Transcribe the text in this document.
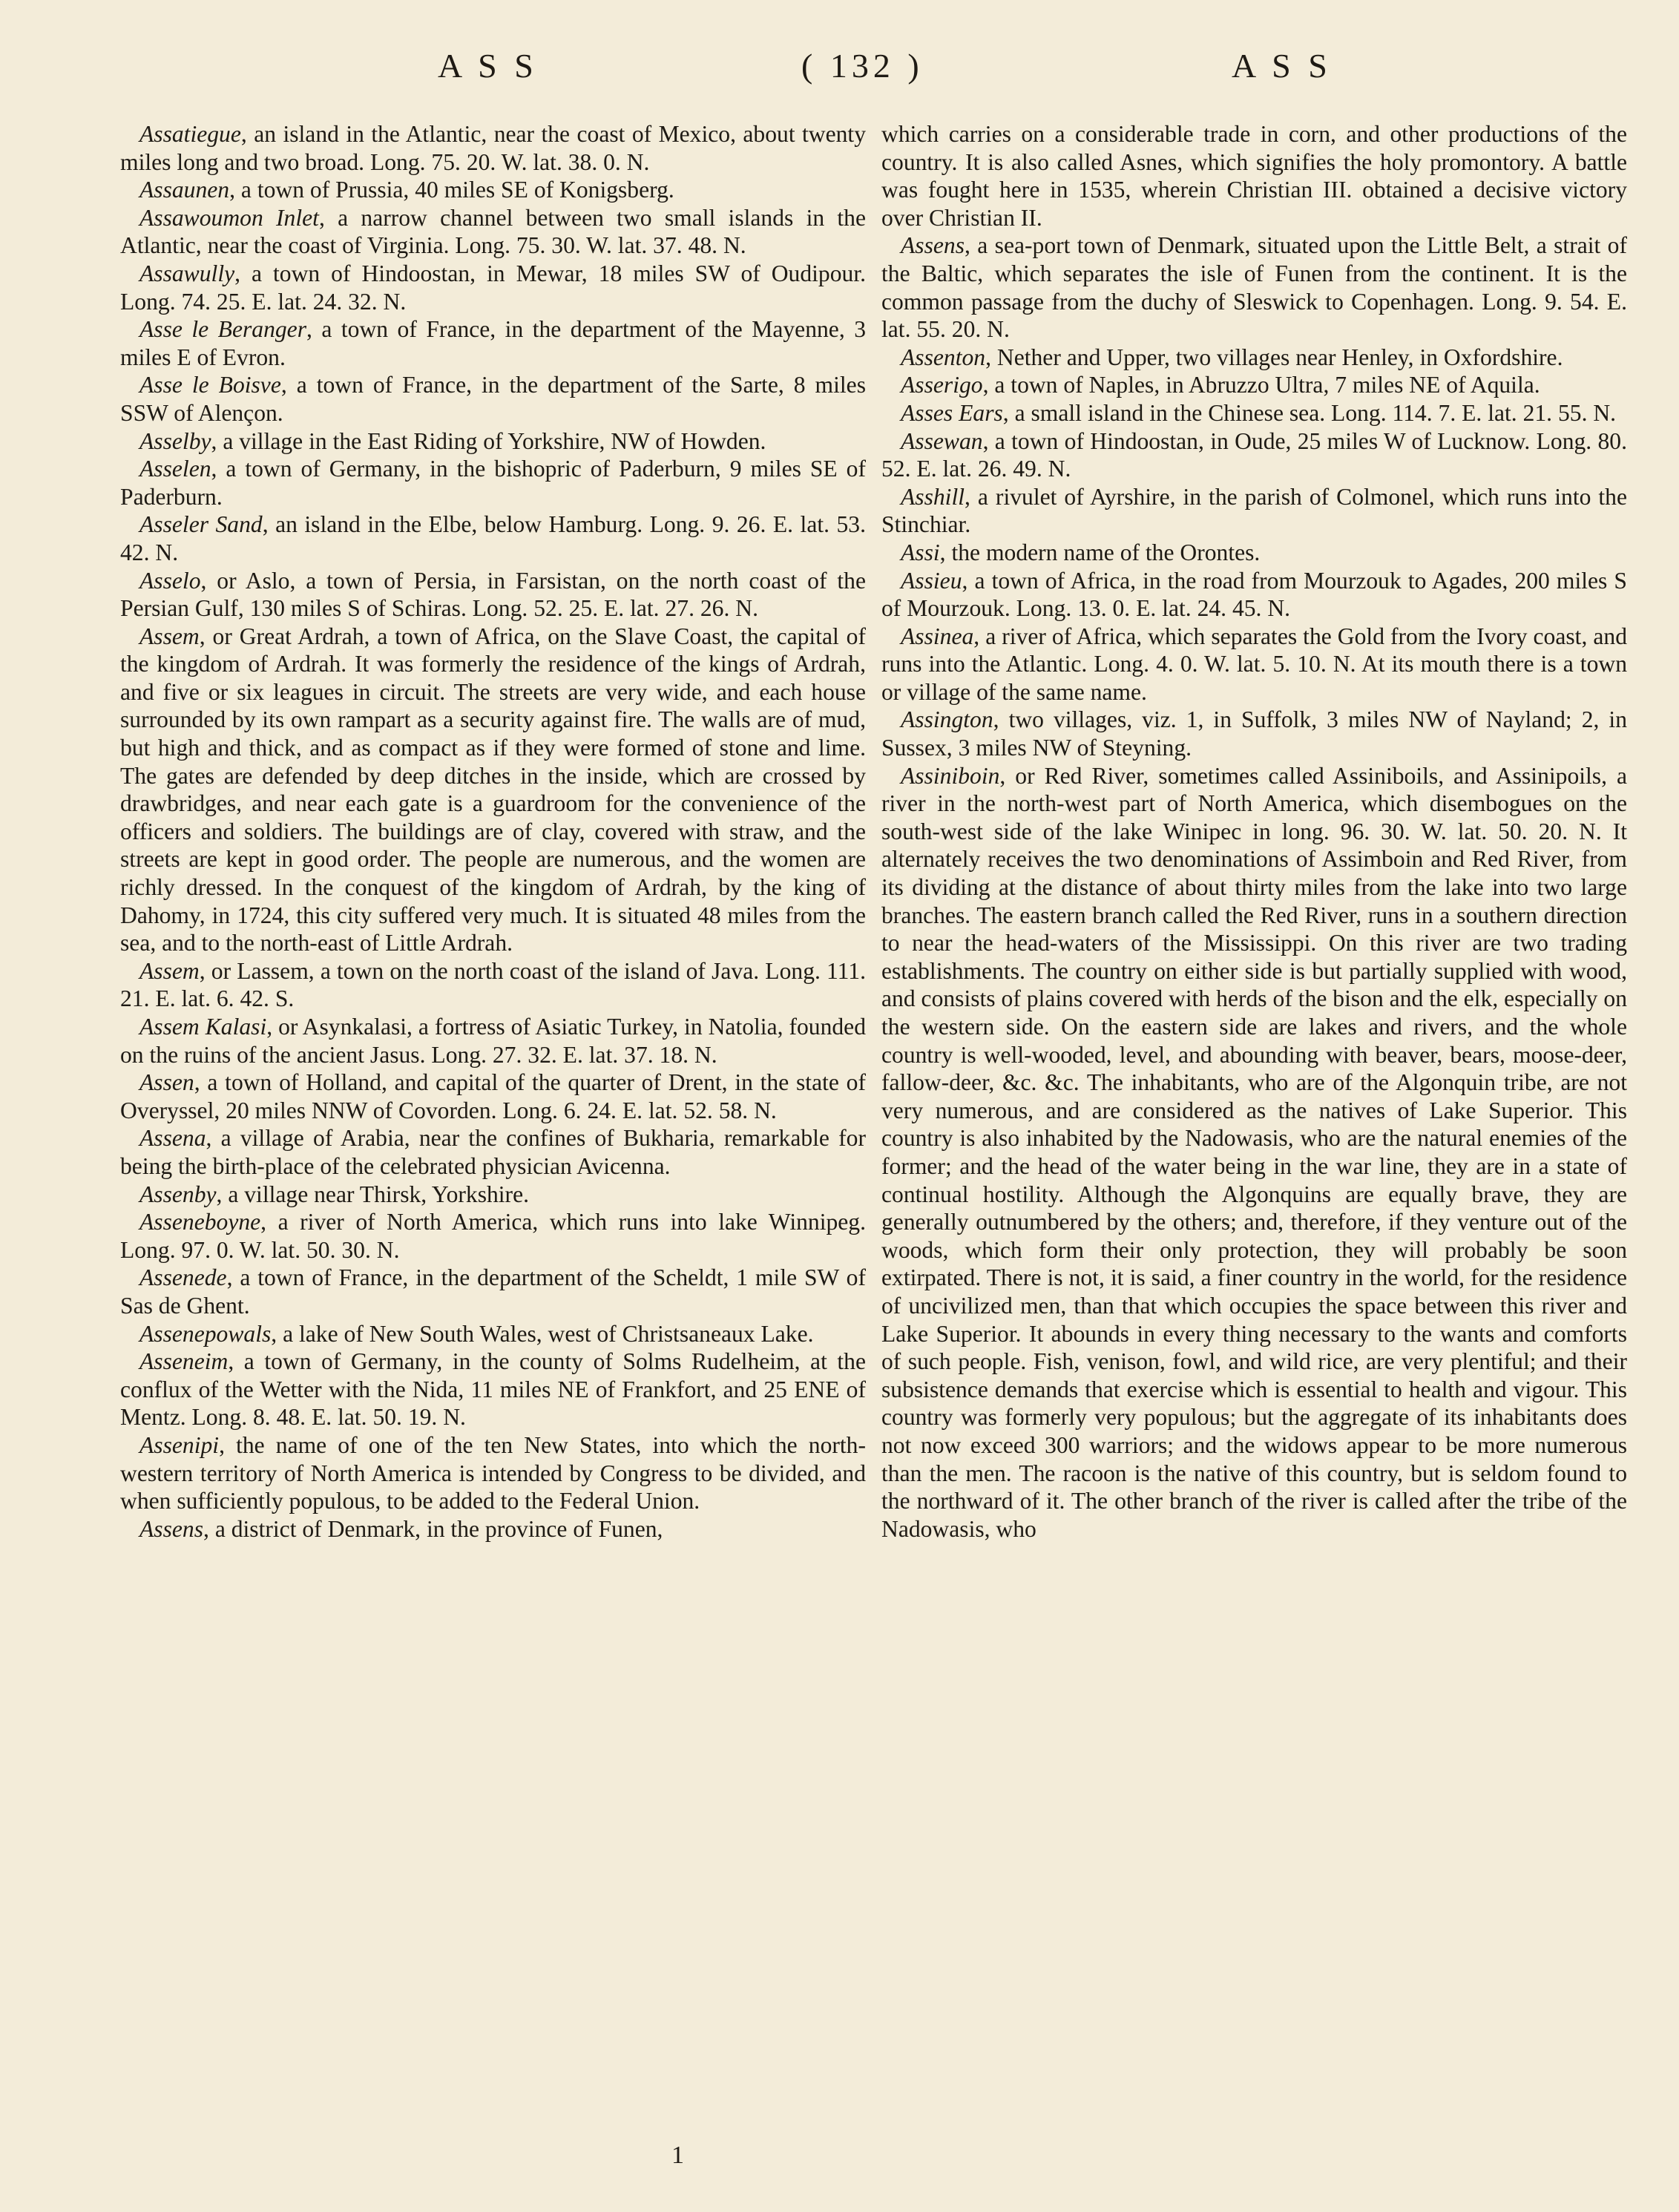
A S S	( 132 )	A S S

Assatiegue, an island in the Atlantic, near the coast of Mexico, about twenty miles long and two broad. Long. 75. 20. W. lat. 38. 0. N.

Assaunen, a town of Prussia, 40 miles SE of Konigsberg.

Assawoumon Inlet, a narrow channel between two small islands in the Atlantic, near the coast of Virginia. Long. 75. 30. W. lat. 37. 48. N.

Assawully, a town of Hindoostan, in Mewar, 18 miles SW of Oudipour. Long. 74. 25. E. lat. 24. 32. N.

Asse le Beranger, a town of France, in the department of the Mayenne, 3 miles E of Evron.

Asse le Boisve, a town of France, in the department of the Sarte, 8 miles SSW of Alençon.

Asselby, a village in the East Riding of Yorkshire, NW of Howden.

Asselen, a town of Germany, in the bishopric of Paderburn, 9 miles SE of Paderburn.

Asseler Sand, an island in the Elbe, below Hamburg. Long. 9. 26. E. lat. 53. 42. N.

Asselo, or Aslo, a town of Persia, in Farsistan, on the north coast of the Persian Gulf, 130 miles S of Schiras. Long. 52. 25. E. lat. 27. 26. N.

Assem, or Great Ardrah, a town of Africa, on the Slave Coast, the capital of the kingdom of Ardrah. It was formerly the residence of the kings of Ardrah, and five or six leagues in circuit. The streets are very wide, and each house surrounded by its own rampart as a security against fire. The walls are of mud, but high and thick, and as compact as if they were formed of stone and lime. The gates are defended by deep ditches in the inside, which are crossed by drawbridges, and near each gate is a guardroom for the convenience of the officers and soldiers. The buildings are of clay, covered with straw, and the streets are kept in good order. The people are numerous, and the women are richly dressed. In the conquest of the kingdom of Ardrah, by the king of Dahomy, in 1724, this city suffered very much. It is situated 48 miles from the sea, and to the north-east of Little Ardrah.

Assem, or Lassem, a town on the north coast of the island of Java. Long. 111. 21. E. lat. 6. 42. S.

Assem Kalasi, or Asynkalasi, a fortress of Asiatic Turkey, in Natolia, founded on the ruins of the ancient Jasus. Long. 27. 32. E. lat. 37. 18. N.

Assen, a town of Holland, and capital of the quarter of Drent, in the state of Overyssel, 20 miles NNW of Covorden. Long. 6. 24. E. lat. 52. 58. N.

Assena, a village of Arabia, near the confines of Bukharia, remarkable for being the birth-place of the celebrated physician Avicenna.

Assenby, a village near Thirsk, Yorkshire.

Asseneboyne, a river of North America, which runs into lake Winnipeg. Long. 97. 0. W. lat. 50. 30. N.

Assenede, a town of France, in the department of the Scheldt, 1 mile SW of Sas de Ghent.

Assenepowals, a lake of New South Wales, west of Christsaneaux Lake.

Asseneim, a town of Germany, in the county of Solms Rudelheim, at the conflux of the Wetter with the Nida, 11 miles NE of Frankfort, and 25 ENE of Mentz. Long. 8. 48. E. lat. 50. 19. N.

Assenipi, the name of one of the ten New States, into which the north-western territory of North America is intended by Congress to be divided, and when sufficiently populous, to be added to the Federal Union.

Assens, a district of Denmark, in the province of Funen,

which carries on a considerable trade in corn, and other productions of the country. It is also called Asnes, which signifies the holy promontory. A battle was fought here in 1535, wherein Christian III. obtained a decisive victory over Christian II.

Assens, a sea-port town of Denmark, situated upon the Little Belt, a strait of the Baltic, which separates the isle of Funen from the continent. It is the common passage from the duchy of Sleswick to Copenhagen. Long. 9. 54. E. lat. 55. 20. N.

Assenton, Nether and Upper, two villages near Henley, in Oxfordshire.

Asserigo, a town of Naples, in Abruzzo Ultra, 7 miles NE of Aquila.

Asses Ears, a small island in the Chinese sea. Long. 114. 7. E. lat. 21. 55. N.

Assewan, a town of Hindoostan, in Oude, 25 miles W of Lucknow. Long. 80. 52. E. lat. 26. 49. N.

Asshill, a rivulet of Ayrshire, in the parish of Colmonel, which runs into the Stinchiar.

Assi, the modern name of the Orontes.

Assieu, a town of Africa, in the road from Mourzouk to Agades, 200 miles S of Mourzouk. Long. 13. 0. E. lat. 24. 45. N.

Assinea, a river of Africa, which separates the Gold from the Ivory coast, and runs into the Atlantic. Long. 4. 0. W. lat. 5. 10. N. At its mouth there is a town or village of the same name.

Assington, two villages, viz. 1, in Suffolk, 3 miles NW of Nayland; 2, in Sussex, 3 miles NW of Steyning.

Assiniboin, or Red River, sometimes called Assiniboils, and Assinipoils, a river in the north-west part of North America, which disembogues on the south-west side of the lake Winipec in long. 96. 30. W. lat. 50. 20. N. It alternately receives the two denominations of Assimboin and Red River, from its dividing at the distance of about thirty miles from the lake into two large branches. The eastern branch called the Red River, runs in a southern direction to near the head-waters of the Mississippi. On this river are two trading establishments. The country on either side is but partially supplied with wood, and consists of plains covered with herds of the bison and the elk, especially on the western side. On the eastern side are lakes and rivers, and the whole country is well-wooded, level, and abounding with beaver, bears, moose-deer, fallow-deer, &c. &c. The inhabitants, who are of the Algonquin tribe, are not very numerous, and are considered as the natives of Lake Superior. This country is also inhabited by the Nadowasis, who are the natural enemies of the former; and the head of the water being in the war line, they are in a state of continual hostility. Although the Algonquins are equally brave, they are generally outnumbered by the others; and, therefore, if they venture out of the woods, which form their only protection, they will probably be soon extirpated. There is not, it is said, a finer country in the world, for the residence of uncivilized men, than that which occupies the space between this river and Lake Superior. It abounds in every thing necessary to the wants and comforts of such people. Fish, venison, fowl, and wild rice, are very plentiful; and their subsistence demands that exercise which is essential to health and vigour. This country was formerly very populous; but the aggregate of its inhabitants does not now exceed 300 warriors; and the widows appear to be more numerous than the men. The racoon is the native of this country, but is seldom found to the northward of it. The other branch of the river is called after the tribe of the Nadowasis, who

1
